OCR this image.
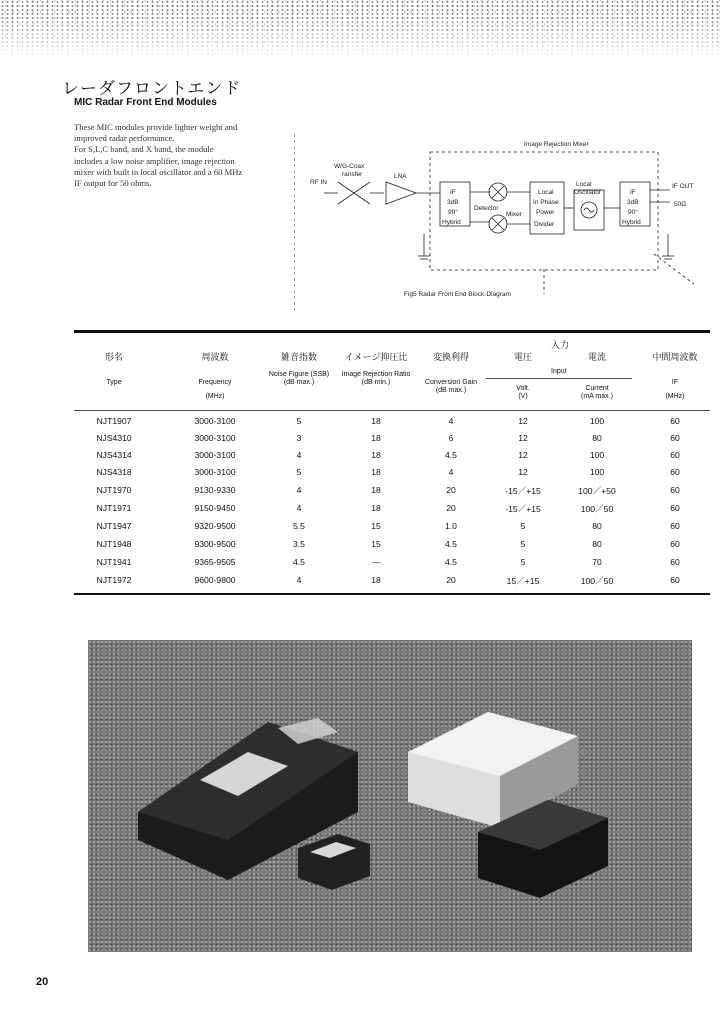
レーダフロントエンド
MIC Radar Front End Modules

These MIC modules provide lighter weight and

improved radar performance.

For S,L,C band, and X band, the module

includes a low noise amplifier, image rejection

mixer with built in local oscillator and a 60 MHz

IF output for 50 ohms.

Image Rejection Mixer
RF IN
W/G-Coax
ransfer	LNA
IF
3dB
90°
Hybrid
Detector
Mixer
Local
In Phase
Power
Divider
Local
Oscillator	IF
3dB
90°
Hybrid
IF OUT
50Ω
Fig5 Radar Front End Block-Diagram
入力
Input
形名
Type
周波数
Frequency
(MHz)
雑音指数
Noise Figure (SSB)
(dB max.)
イメージ抑圧比
Image Rejection Ratio
(dB min.)
変換利得
Conversion Gain
(dB max.)
電圧
Volt.
(V)
電流
Current
(mA max.)
中間周波数
IF
(MHz)
NJT1907	3000-3100	5	18	4	12	100	60
NJS4310	3000-3100	3	18	6	12	80	60
NJS4314	3000-3100	4	18	4.5	12	100	60
NJS4318	3000-3100	5	18	4	12	100	60
NJT1970	9130-9330	4	18	20	-15／+15	100／+50	60
NJT1971	9150-9450	4	18	20	-15／+15	100／50	60
NJT1947	9320-9500	5.5	15	1.0	5	80	60
NJT1948	9300-9500	3.5	15	4.5	5	80	60
NJT1941	9365-9505	4.5	—	4.5	5	70	60
NJT1972	9600-9800	4	18	20	15／+15	100／50	60
20
